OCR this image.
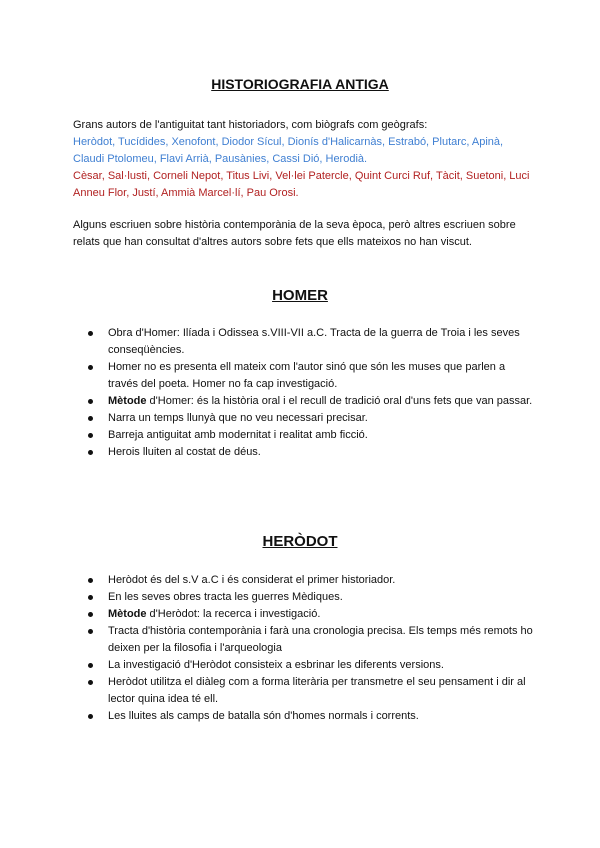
HISTORIOGRAFIA ANTIGA
Grans autors de l'antiguitat tant historiadors, com biògrafs com geògrafs:
Heròdot, Tucídides, Xenofont, Diodor Sícul, Dionís d'Halicarnàs, Estrabó, Plutarc, Apinà, Claudi Ptolomeu, Flavi Arrià, Pausànies, Cassi Dió, Herodià.
Cèsar, Sal·lusti, Corneli Nepot, Titus Livi, Vel·lei Patercle, Quint Curci Ruf, Tàcit, Suetoni, Luci Anneu Flor, Justí, Ammià Marcel·lí, Pau Orosi.
Alguns escriuen sobre història contemporània de la seva època, però altres escriuen sobre relats que han consultat d'altres autors sobre fets que ells mateixos no han viscut.
HOMER
Obra d'Homer: Ilíada i Odissea s.VIII-VII a.C. Tracta de la guerra de Troia i les seves conseqüències.
Homer no es presenta ell mateix com l'autor sinó que són les muses que parlen a través del poeta. Homer no fa cap investigació.
Mètode d'Homer: és la història oral i el recull de tradició oral d'uns fets que van passar.
Narra un temps llunyà que no veu necessari precisar.
Barreja antiguitat amb modernitat i realitat amb ficció.
Herois lluiten al costat de déus.
HERÒDOT
Heròdot és del s.V a.C i és considerat el primer historiador.
En les seves obres tracta les guerres Mèdiques.
Mètode d'Heròdot: la recerca i investigació.
Tracta d'història contemporània i farà una cronologia precisa. Els temps més remots ho deixen per la filosofia i l'arqueologia
La investigació d'Heròdot consisteix a esbrinar les diferents versions.
Heròdot utilitza el diàleg com a forma literària per transmetre el seu pensament i dir al lector quina idea té ell.
Les lluites als camps de batalla són d'homes normals i corrents.
